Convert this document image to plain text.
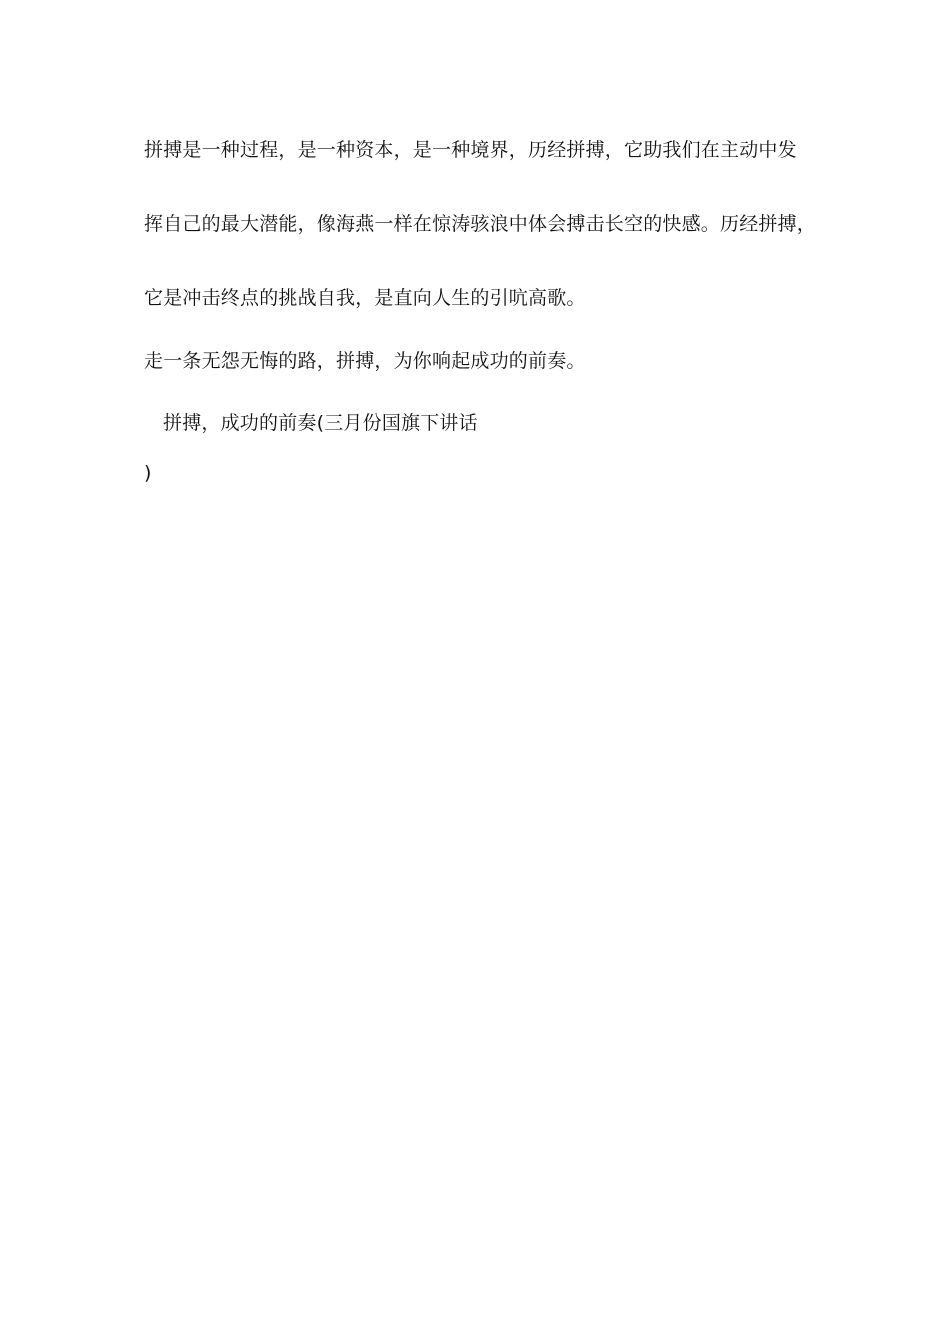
拼搏是一种过程，是一种资本，是一种境界，历经拼搏，它助我们在主动中发
挥自己的最大潜能，像海燕一样在惊涛骇浪中体会搏击长空的快感。历经拼搏，
它是冲击终点的挑战自我，是直向人生的引吭高歌。
走一条无怨无悔的路，拼搏，为你响起成功的前奏。
拼搏，成功的前奏(三月份国旗下讲话
)
